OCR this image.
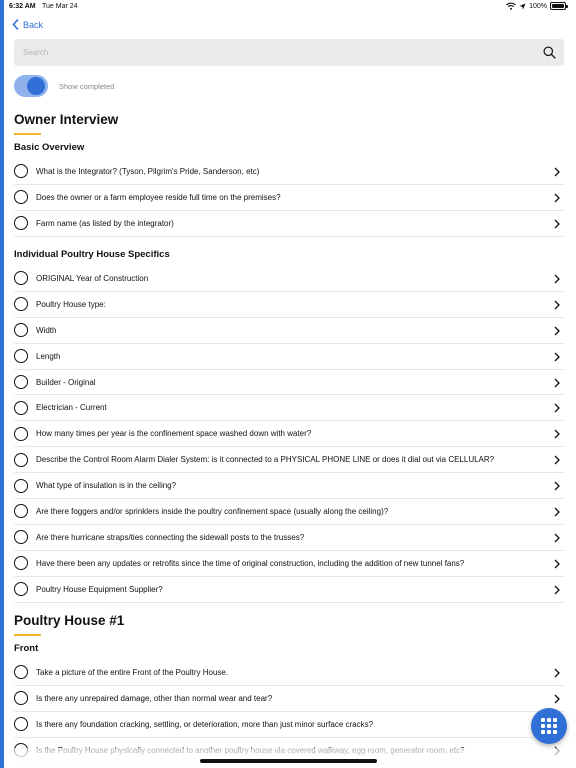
6:32 AM Tue Mar 24	100%
Back
Search
Show completed
Owner Interview
Basic Overview
What is the Integrator? (Tyson, Pilgrim's Pride, Sanderson, etc)
Does the owner or a farm employee reside full time on the premises?
Farm name (as listed by the integrator)
Individual Poultry House Specifics
ORIGINAL Year of Construction
Poultry House type:
Width
Length
Builder - Original
Electrician - Current
How many times per year is the confinement space washed down with water?
Describe the Control Room Alarm Dialer System: is it connected to a PHYSICAL PHONE LINE or does it dial out via CELLULAR?
What type of insulation is in the ceiling?
Are there foggers and/or sprinklers inside the poultry confinement space (usually along the ceiling)?
Are there hurricane straps/ties connecting the sidewall posts to the trusses?
Have there been any updates or retrofits since the time of original construction, including the addition of new tunnel fans?
Poultry House Equipment Supplier?
Poultry House #1
Front
Take a picture of the entire Front of the Poultry House.
Is there any unrepaired damage, other than normal wear and tear?
Is there any foundation cracking, settling, or deterioration, more than just minor surface cracks?
